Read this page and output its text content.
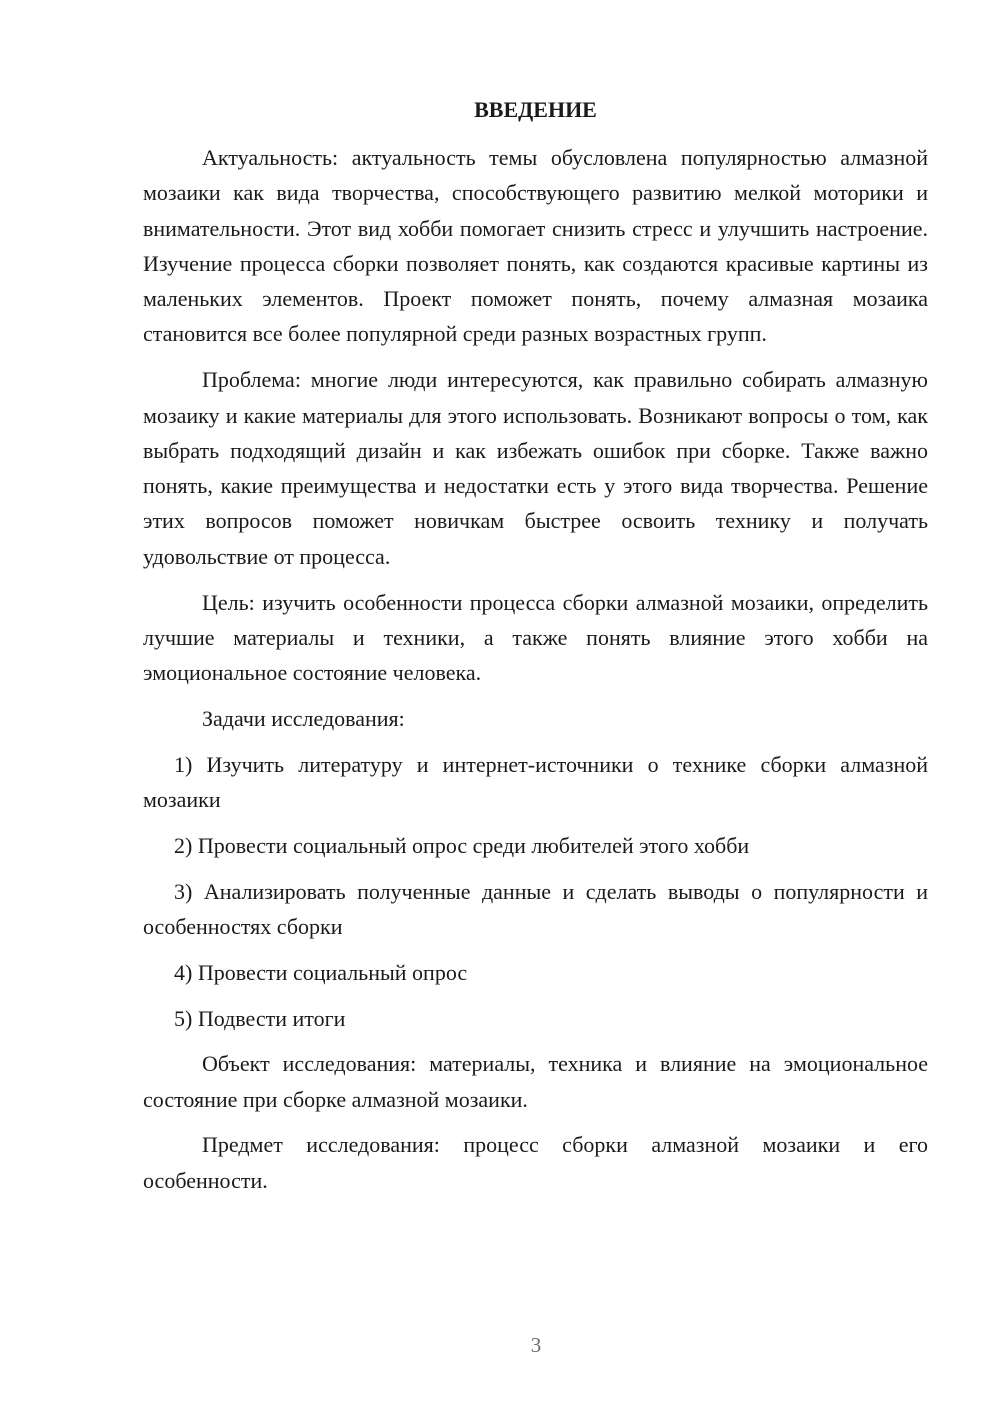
ВВЕДЕНИЕ

Актуальность: актуальность темы обусловлена популярностью алмазной мозаики как вида творчества, способствующего развитию мелкой моторики и внимательности. Этот вид хобби помогает снизить стресс и улучшить настроение. Изучение процесса сборки позволяет понять, как создаются красивые картины из маленьких элементов. Проект поможет понять, почему алмазная мозаика становится все более популярной среди разных возрастных групп.

Проблема: многие люди интересуются, как правильно собирать алмазную мозаику и какие материалы для этого использовать. Возникают вопросы о том, как выбрать подходящий дизайн и как избежать ошибок при сборке. Также важно понять, какие преимущества и недостатки есть у этого вида творчества. Решение этих вопросов поможет новичкам быстрее освоить технику и получать удовольствие от процесса.

Цель: изучить особенности процесса сборки алмазной мозаики, определить лучшие материалы и техники, а также понять влияние этого хобби на эмоциональное состояние человека.

Задачи исследования:

1) Изучить литературу и интернет-источники о технике сборки алмазной мозаики

2) Провести социальный опрос среди любителей этого хобби

3) Анализировать полученные данные и сделать выводы о популярности и особенностях сборки

4) Провести социальный опрос

5) Подвести итоги

Объект исследования: материалы, техника и влияние на эмоциональное состояние при сборке алмазной мозаики.

Предмет исследования: процесс сборки алмазной мозаики и его особенности.

3
